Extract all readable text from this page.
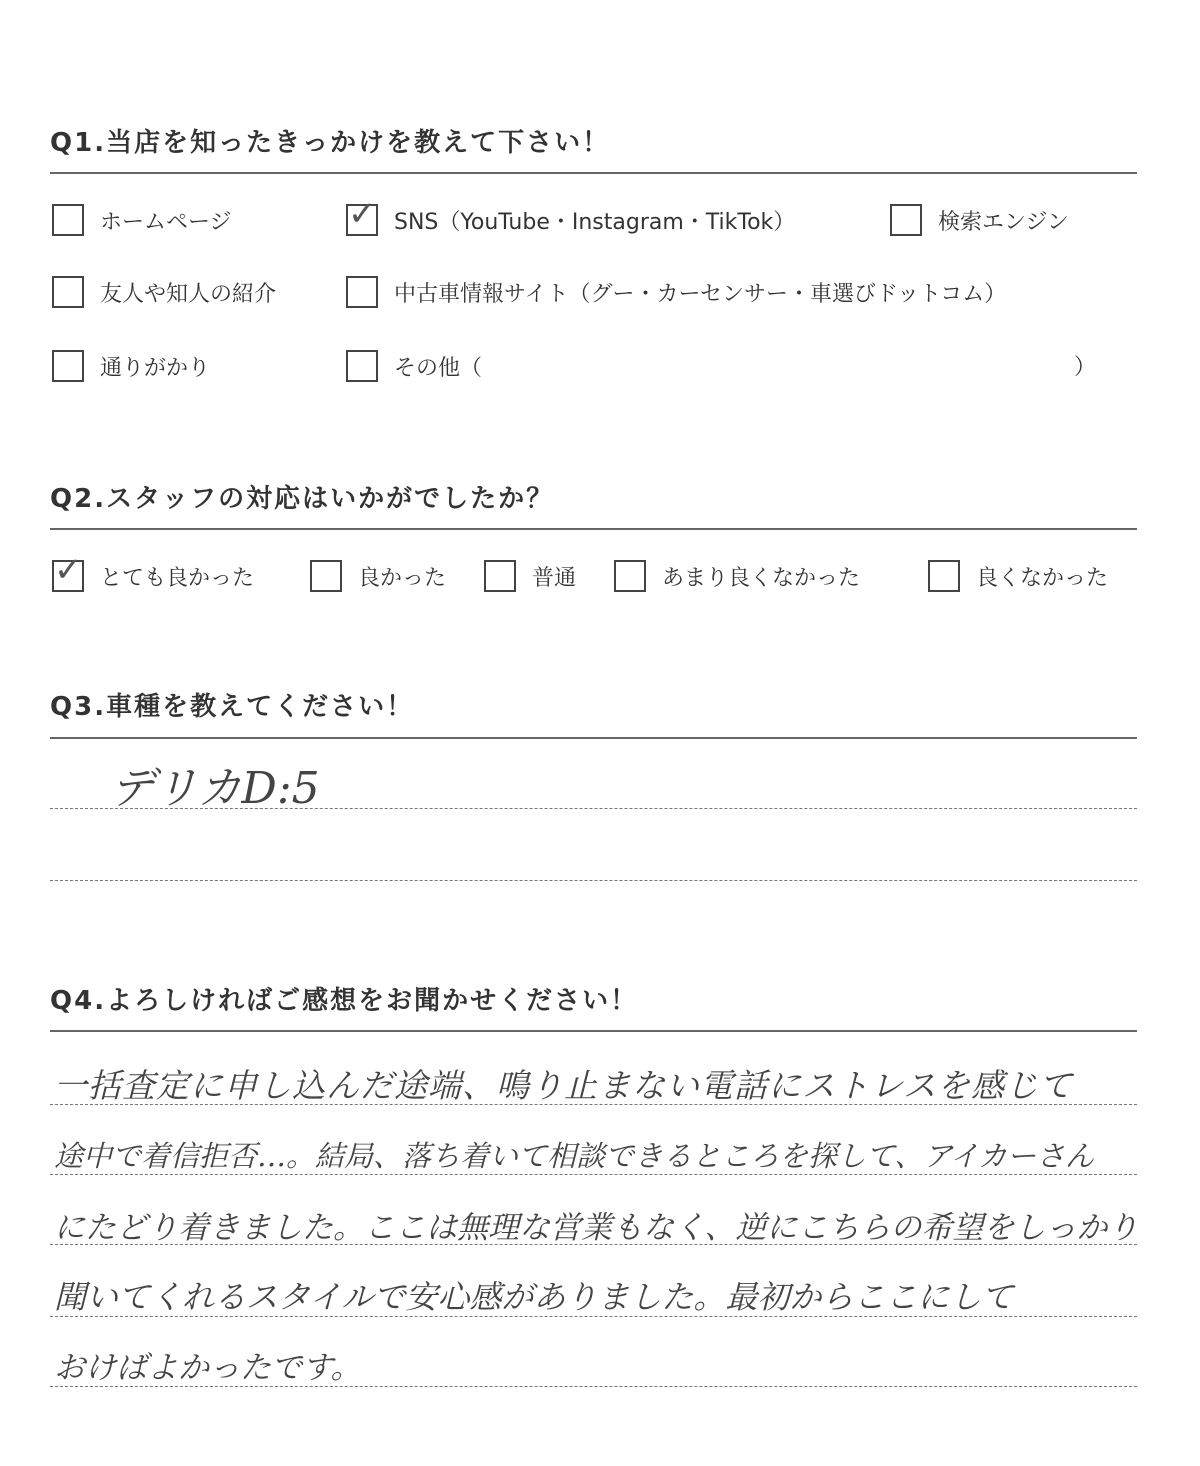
Q1.当店を知ったきっかけを教えて下さい！
ホームページ	✓ SNS（YouTube・Instagram・TikTok）	検索エンジン
友人や知人の紹介	中古車情報サイト（グー・カーセンサー・車選びドットコム）
通りがかり	その他（	）
Q2.スタッフの対応はいかがでしたか？
✓ とても良かった	良かった	普通	あまり良くなかった	良くなかった
Q3.車種を教えてください！
デリカD:5
Q4.よろしければご感想をお聞かせください！
一括査定に申し込んだ途端、鳴り止まない電話にストレスを感じて
途中で着信拒否…。結局、落ち着いて相談できるところを探して、アイカーさん
にたどり着きました。ここは無理な営業もなく、逆にこちらの希望をしっかり
聞いてくれるスタイルで安心感がありました。最初からここにして
おけばよかったです。
